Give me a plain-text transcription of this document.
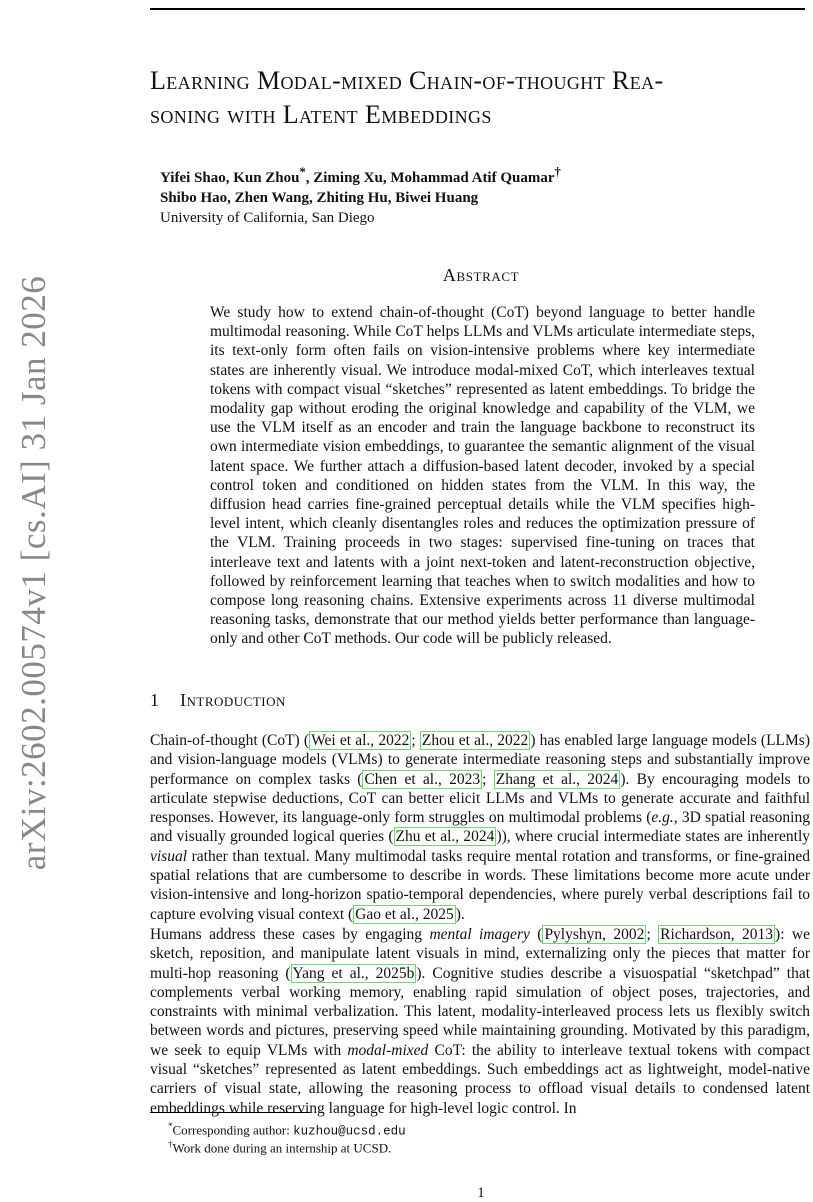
arXiv:2602.00574v1 [cs.AI] 31 Jan 2026
Learning Modal-mixed Chain-of-thought Rea-
soning with Latent Embeddings
Yifei Shao, Kun Zhou*, Ziming Xu, Mohammad Atif Quamar†
Shibo Hao, Zhen Wang, Zhiting Hu, Biwei Huang
University of California, San Diego
Abstract

We study how to extend chain-of-thought (CoT) beyond language to better handle multimodal reasoning. While CoT helps LLMs and VLMs articulate intermediate steps, its text-only form often fails on vision-intensive problems where key intermediate states are inherently visual. We introduce modal-mixed CoT, which interleaves textual tokens with compact visual “sketches” represented as latent embeddings. To bridge the modality gap without eroding the original knowledge and capability of the VLM, we use the VLM itself as an encoder and train the language backbone to reconstruct its own intermediate vision embeddings, to guarantee the semantic alignment of the visual latent space. We further attach a diffusion-based latent decoder, invoked by a special control token and conditioned on hidden states from the VLM. In this way, the diffusion head carries fine-grained perceptual details while the VLM specifies high-level intent, which cleanly disentangles roles and reduces the optimization pressure of the VLM. Training proceeds in two stages: supervised fine-tuning on traces that interleave text and latents with a joint next-token and latent-reconstruction objective, followed by reinforcement learning that teaches when to switch modalities and how to compose long reasoning chains. Extensive experiments across 11 diverse multimodal reasoning tasks, demonstrate that our method yields better performance than language-only and other CoT methods. Our code will be publicly released.

1 Introduction

Chain-of-thought (CoT) ( Wei et al., 2022 ; Zhou et al., 2022 ) has enabled large language models (LLMs) and vision-language models (VLMs) to generate intermediate reasoning steps and substantially improve performance on complex tasks ( Chen et al., 2023 ; Zhang et al., 2024 ). By encouraging models to articulate stepwise deductions, CoT can better elicit LLMs and VLMs to generate accurate and faithful responses. However, its language-only form struggles on multimodal problems (e.g., 3D spatial reasoning and visually grounded logical queries ( Zhu et al., 2024 )), where crucial intermediate states are inherently visual rather than textual. Many multimodal tasks require mental rotation and transforms, or fine-grained spatial relations that are cumbersome to describe in words. These limitations become more acute under vision-intensive and long-horizon spatio-temporal dependencies, where purely verbal descriptions fail to capture evolving visual context ( Gao et al., 2025 ).

Humans address these cases by engaging mental imagery ( Pylyshyn, 2002 ; Richardson, 2013 ): we sketch, reposition, and manipulate latent visuals in mind, externalizing only the pieces that matter for multi-hop reasoning ( Yang et al., 2025b ). Cognitive studies describe a visuospatial “sketchpad” that complements verbal working memory, enabling rapid simulation of object poses, trajectories, and constraints with minimal verbalization. This latent, modality-interleaved process lets us flexibly switch between words and pictures, preserving speed while maintaining grounding. Motivated by this paradigm, we seek to equip VLMs with modal-mixed CoT: the ability to interleave textual tokens with compact visual “sketches” represented as latent embeddings. Such embeddings act as lightweight, model-native carriers of visual state, allowing the reasoning process to offload visual details to condensed latent embeddings while reserving language for high-level logic control. In

*Corresponding author: kuzhou@ucsd.edu
†Work done during an internship at UCSD.
1
